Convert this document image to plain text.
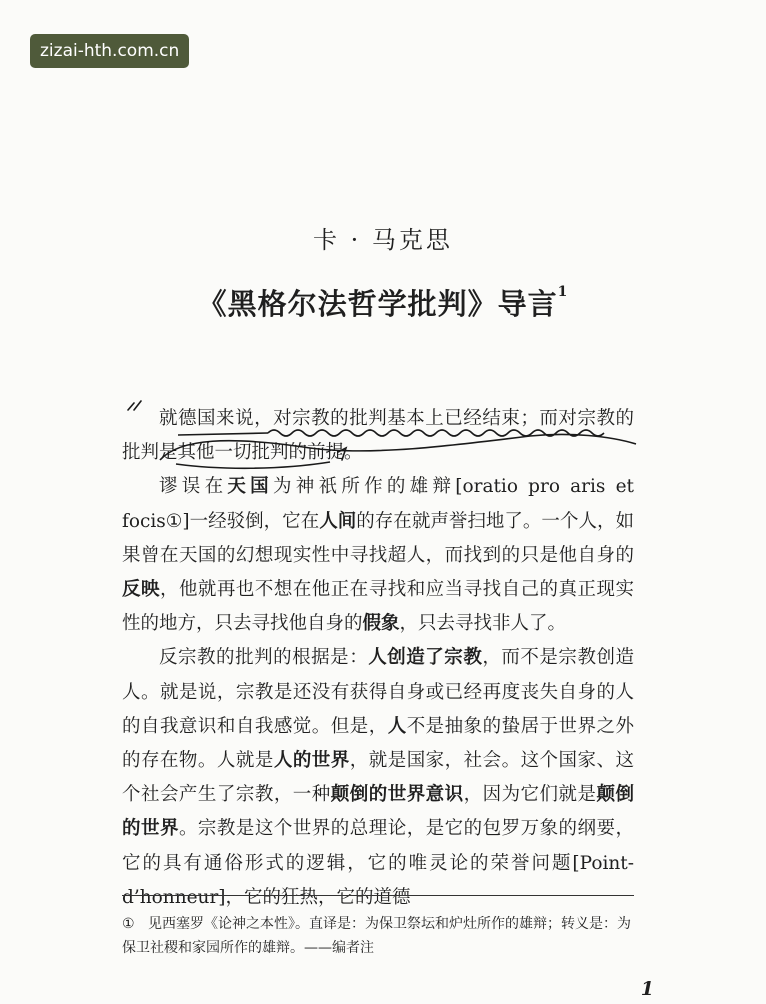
zizai-hth.com.cn
卡 · 马克思
《黑格尔法哲学批判》导言$^1$

就德国来说，对宗教的批判基本上已经结束；而对宗教的批判是其他一切批判的前提。

谬误在天国为神祇所作的雄辩[oratio pro aris et focis①]一经驳倒，它在人间的存在就声誉扫地了。一个人，如果曾在天国的幻想现实性中寻找超人，而找到的只是他自身的反映，他就再也不想在他正在寻找和应当寻找自己的真正现实性的地方，只去寻找他自身的假象，只去寻找非人了。

反宗教的批判的根据是：人创造了宗教，而不是宗教创造人。就是说，宗教是还没有获得自身或已经再度丧失自身的人的自我意识和自我感觉。但是，人不是抽象的蛰居于世界之外的存在物。人就是人的世界，就是国家，社会。这个国家、这个社会产生了宗教，一种颠倒的世界意识，因为它们就是颠倒的世界。宗教是这个世界的总理论，是它的包罗万象的纲要，它的具有通俗形式的逻辑，它的唯灵论的荣誉问题[Point-d’honneur]，它的狂热，它的道德

① 见西塞罗《论神之本性》。直译是：为保卫祭坛和炉灶所作的雄辩；转义是：为保卫社稷和家园所作的雄辩。——编者注
1
